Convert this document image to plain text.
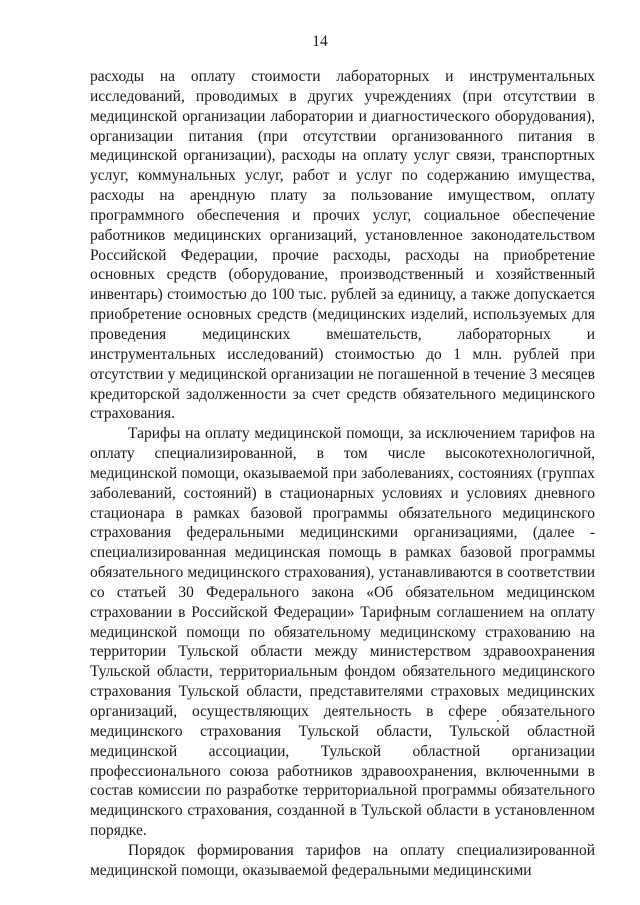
14

расходы на оплату стоимости лабораторных и инструментальных исследований, проводимых в других учреждениях (при отсутствии в медицинской организации лаборатории и диагностического оборудования), организации питания (при отсутствии организованного питания в медицинской организации), расходы на оплату услуг связи, транспортных услуг, коммунальных услуг, работ и услуг по содержанию имущества, расходы на арендную плату за пользование имуществом, оплату программного обеспечения и прочих услуг, социальное обеспечение работников медицинских организаций, установленное законодательством Российской Федерации, прочие расходы, расходы на приобретение основных средств (оборудование, производственный и хозяйственный инвентарь) стоимостью до 100 тыс. рублей за единицу, а также допускается приобретение основных средств (медицинских изделий, используемых для проведения медицинских вмешательств, лабораторных и инструментальных исследований) стоимостью до 1 млн. рублей при отсутствии у медицинской организации не погашенной в течение 3 месяцев кредиторской задолженности за счет средств обязательного медицинского страхования.

Тарифы на оплату медицинской помощи, за исключением тарифов на оплату специализированной, в том числе высокотехнологичной, медицинской помощи, оказываемой при заболеваниях, состояниях (группах заболеваний, состояний) в стационарных условиях и условиях дневного стационара в рамках базовой программы обязательного медицинского страхования федеральными медицинскими организациями, (далее - специализированная медицинская помощь в рамках базовой программы обязательного медицинского страхования), устанавливаются в соответствии со статьей 30 Федерального закона «Об обязательном медицинском страховании в Российской Федерации» Тарифным соглашением на оплату медицинской помощи по обязательному медицинскому страхованию на территории Тульской области между министерством здравоохранения Тульской области, территориальным фондом обязательного медицинского страхования Тульской области, представителями страховых медицинских организаций, осуществляющих деятельность в сфере обязательного медицинского страхования Тульской области, Тульской областной медицинской ассоциации, Тульской областной организации профессионального союза работников здравоохранения, включенными в состав комиссии по разработке территориальной программы обязательного медицинского страхования, созданной в Тульской области в установленном порядке.

Порядок формирования тарифов на оплату специализированной медицинской помощи, оказываемой федеральными медицинскими
